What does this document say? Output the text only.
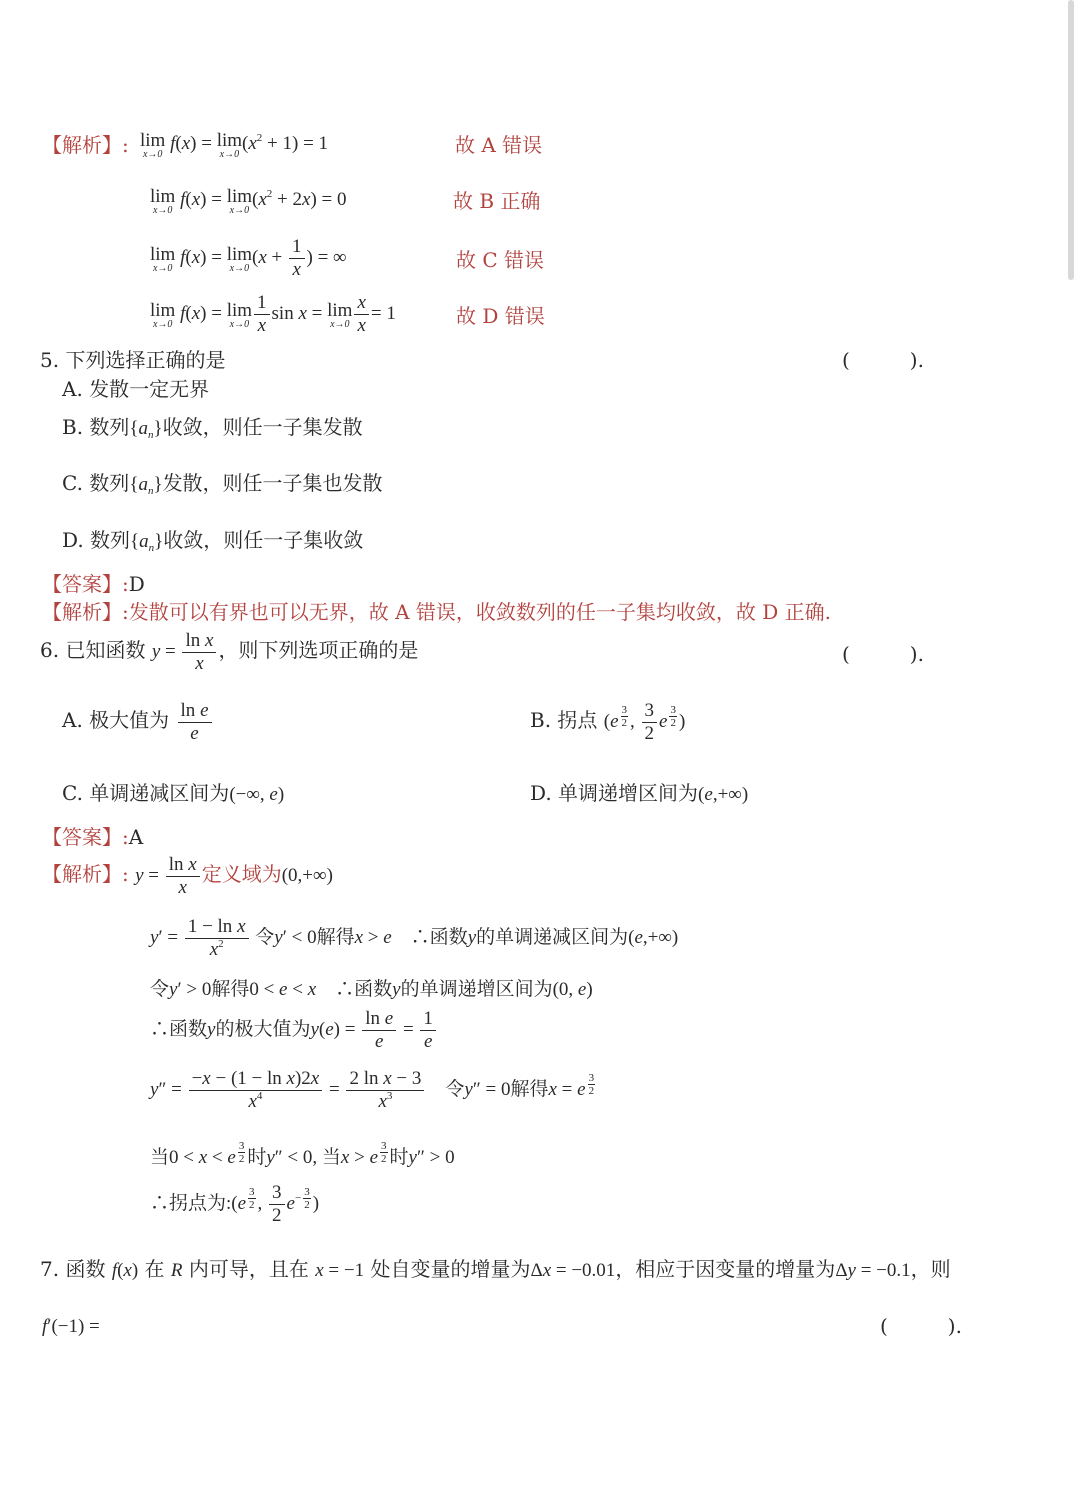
【解析】: lim
x→0
f(x) = lim
x→0
$(x^2 + 1) = 1$	故 A 错误
lim
x→0
f(x) = lim
x→0
$(x^2 + 2x) = 0$	故 B 正确
lim
x→0
f(x) = lim
x→0
($x + \frac{1}{x}$ ) = ∞	故 C 错误
lim
x→0
f(x) = lim
$x\to 0 \frac{1}{x}$ sin x = lim
$x\to 0 \frac{x}{x} = 1$	故 D 错误
5. 下列选择正确的是	(　　　).
A. 发散一定无界
B. 数列$\{a_n\}$收敛，则任一子集发散
C. 数列$\{a_n\}$发散，则任一子集也发散
D. 数列$\{a_n\}$收敛，则任一子集收敛
【答案】:D
【解析】:发散可以有界也可以无界，故 A 错误，收敛数列的任一子集均收敛，故 D 正确.
6. 已知函数 $y = \frac{\text{ln x}}{x}$ ，则下列选项正确的是	(　　　).
A. 极大值为 $\frac{\text{ln e}}{e}$	B. 拐点 (e $^{\frac{3}{2}}$ , $\frac{3}{2}$ e $^{\frac{3}{2}}$ )
C. 单调递减区间为(−∞, e)	D. 单调递增区间为(e,+∞)
【答案】:A
【解析】: $y = \frac{\text{ln x}}{x}$ 定义域为(0,+∞)
$y' = \frac{\text{1 − ln x}}{x^2}$ 令y′ < 0解得x > e　∴函数y的单调递减区间为(e,+∞)
令y′ > 0解得0 < e < x　∴函数y的单调递增区间为(0, e)
∴函数y的极大值为$y(e) = \frac{\text{ln e}}{e} = \frac{1}{e}$
$y'' = \frac{\text{−x − (1 − ln x)2x}}{x^4} = \frac{\text{2 ln x − 3}}{x^3}$ 　令y″ = 0解得x = e $^{\frac{3}{2}}$
当0 < x < e $^{\frac{3}{2}}$ 时y″ < 0, 当x > e $^{\frac{3}{2}}$ 时y″ > 0
∴拐点为:(e $^{\frac{3}{2}}$ , $\frac{3}{2} e^{- \frac{3}{2}}$ )
7. 函数 f(x) 在 R 内可导，且在 x = −1 处自变量的增量为Δx = −0.01，相应于因变量的增量为Δy = −0.1，则
f′(−1) =	(　　　).
